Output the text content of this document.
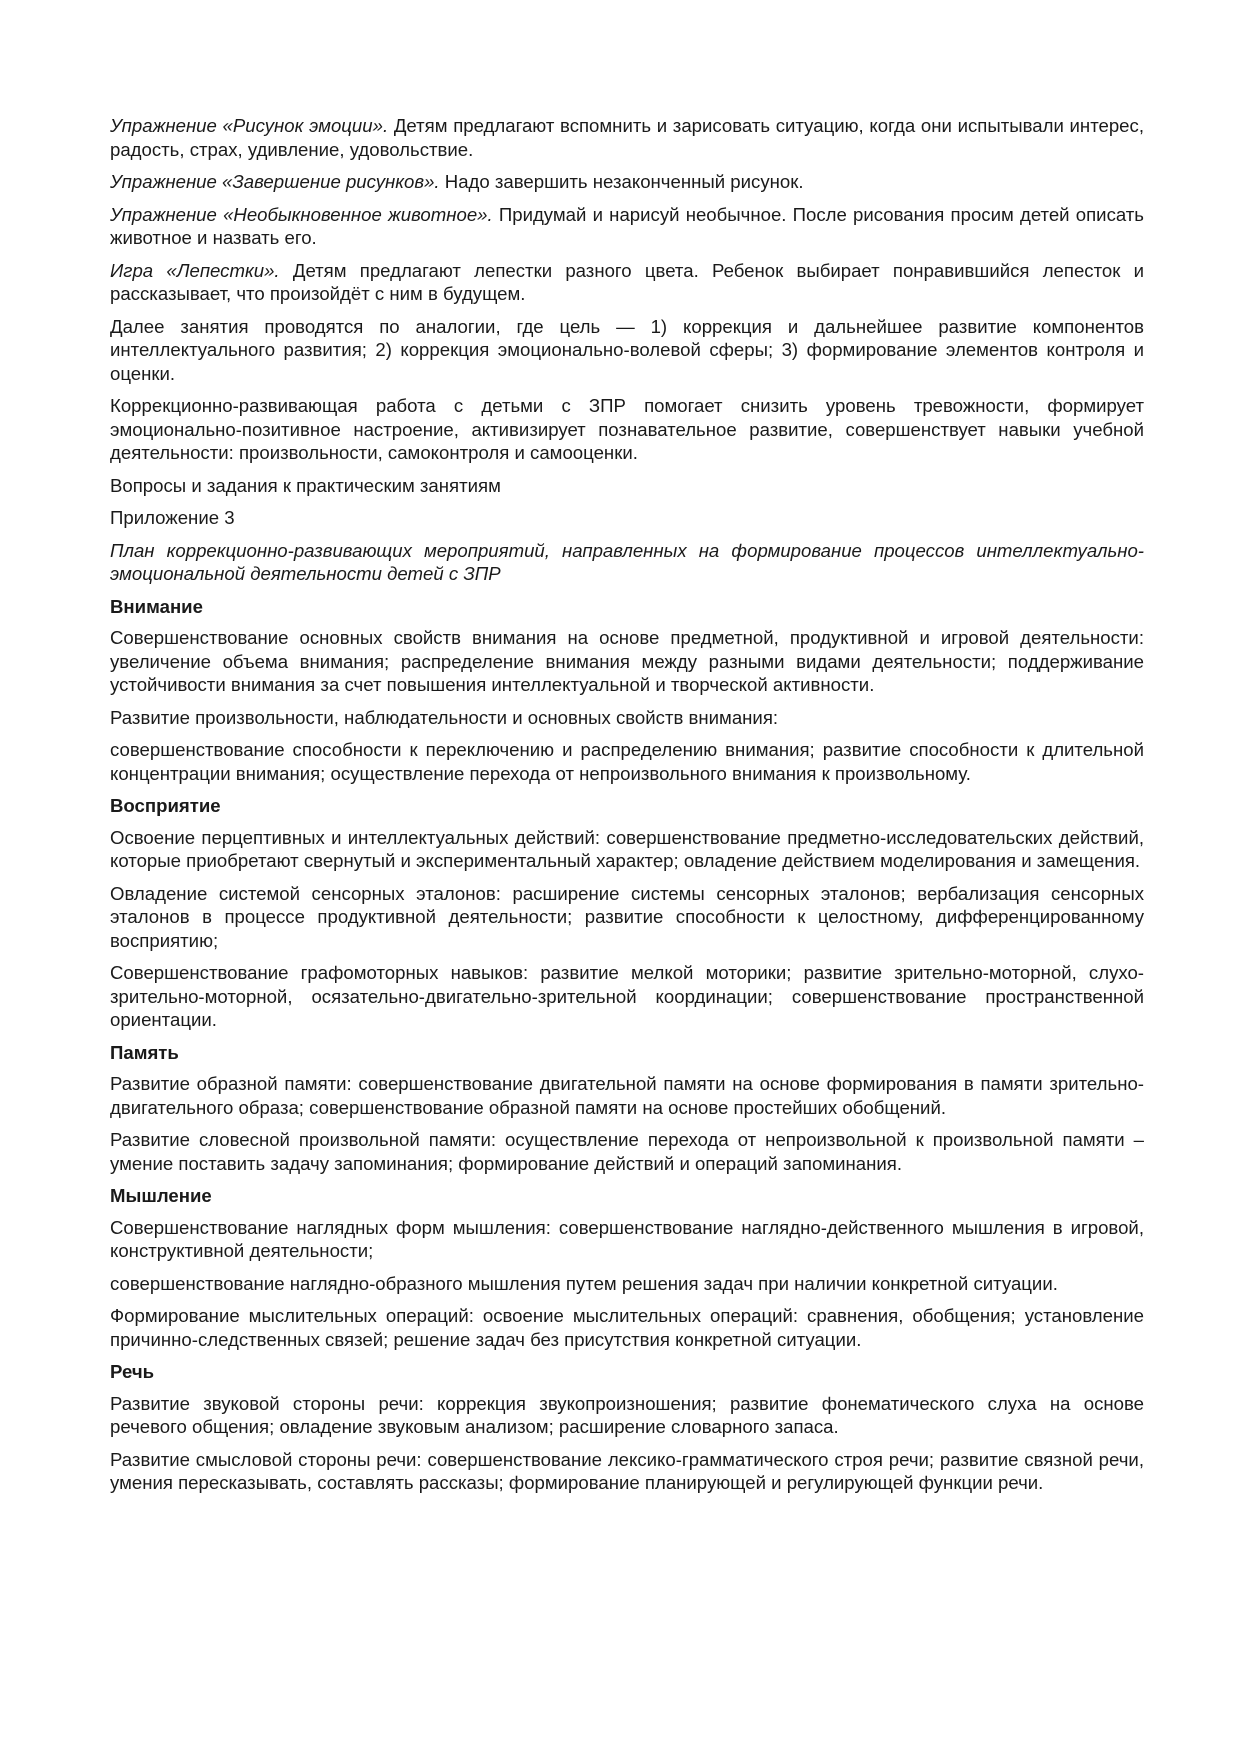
Упражнение «Рисунок эмоции». Детям предлагают вспомнить и зарисовать ситуацию, когда они испытывали интерес, радость, страх, удивление, удовольствие.

Упражнение «Завершение рисунков». Надо завершить незаконченный рисунок.

Упражнение «Необыкновенное животное». Придумай и нарисуй необычное. После рисования просим детей описать животное и назвать его.

Игра «Лепестки». Детям предлагают лепестки разного цвета. Ребенок выбирает понравившийся лепесток и рассказывает, что произойдёт с ним в будущем.

Далее занятия проводятся по аналогии, где цель — 1) коррекция и дальнейшее развитие компонентов интеллектуального развития; 2) коррекция эмоционально-волевой сферы; 3) формирование элементов контроля и оценки.

Коррекционно-развивающая работа с детьми с ЗПР помогает снизить уровень тревожности, формирует эмоционально-позитивное настроение, активизирует познавательное развитие, совершенствует навыки учебной деятельности: произвольности, самоконтроля и самооценки.

Вопросы и задания к практическим занятиям

Приложение 3

План коррекционно-развивающих мероприятий, направленных на формирование процессов интеллектуально-эмоциональной деятельности детей с ЗПР

Внимание

Совершенствование основных свойств внимания на основе предметной, продуктивной и игровой деятельности: увеличение объема внимания; распределение внимания между разными видами деятельности; поддерживание устойчивости внимания за счет повышения интеллектуальной и творческой активности.

Развитие произвольности, наблюдательности и основных свойств внимания:

совершенствование способности к переключению и распределению внимания; развитие способности к длительной концентрации внимания; осуществление перехода от непроизвольного внимания к произвольному.

Восприятие

Освоение перцептивных и интеллектуальных действий: совершенствование предметно-исследовательских действий, которые приобретают свернутый и экспериментальный характер; овладение действием моделирования и замещения.

Овладение системой сенсорных эталонов: расширение системы сенсорных эталонов; вербализация сенсорных эталонов в процессе продуктивной деятельности; развитие способности к целостному, дифференцированному восприятию;

Совершенствование графомоторных навыков: развитие мелкой моторики; развитие зрительно-моторной, слухо-зрительно-моторной, осязательно-двигательно-зрительной координации; совершенствование пространственной ориентации.

Память

Развитие образной памяти: совершенствование двигательной памяти на основе формирования в памяти зрительно-двигательного образа; совершенствование образной памяти на основе простейших обобщений.

Развитие словесной произвольной памяти: осуществление перехода от непроизвольной к произвольной памяти – умение поставить задачу запоминания; формирование действий и операций запоминания.

Мышление

Совершенствование наглядных форм мышления: совершенствование наглядно-действенного мышления в игровой, конструктивной деятельности;

совершенствование наглядно-образного мышления путем решения задач при наличии конкретной ситуации.

Формирование мыслительных операций: освоение мыслительных операций: сравнения, обобщения; установление причинно-следственных связей; решение задач без присутствия конкретной ситуации.

Речь

Развитие звуковой стороны речи: коррекция звукопроизношения; развитие фонематического слуха на основе речевого общения; овладение звуковым анализом; расширение словарного запаса.

Развитие смысловой стороны речи: совершенствование лексико-грамматического строя речи; развитие связной речи, умения пересказывать, составлять рассказы; формирование планирующей и регулирующей функции речи.
